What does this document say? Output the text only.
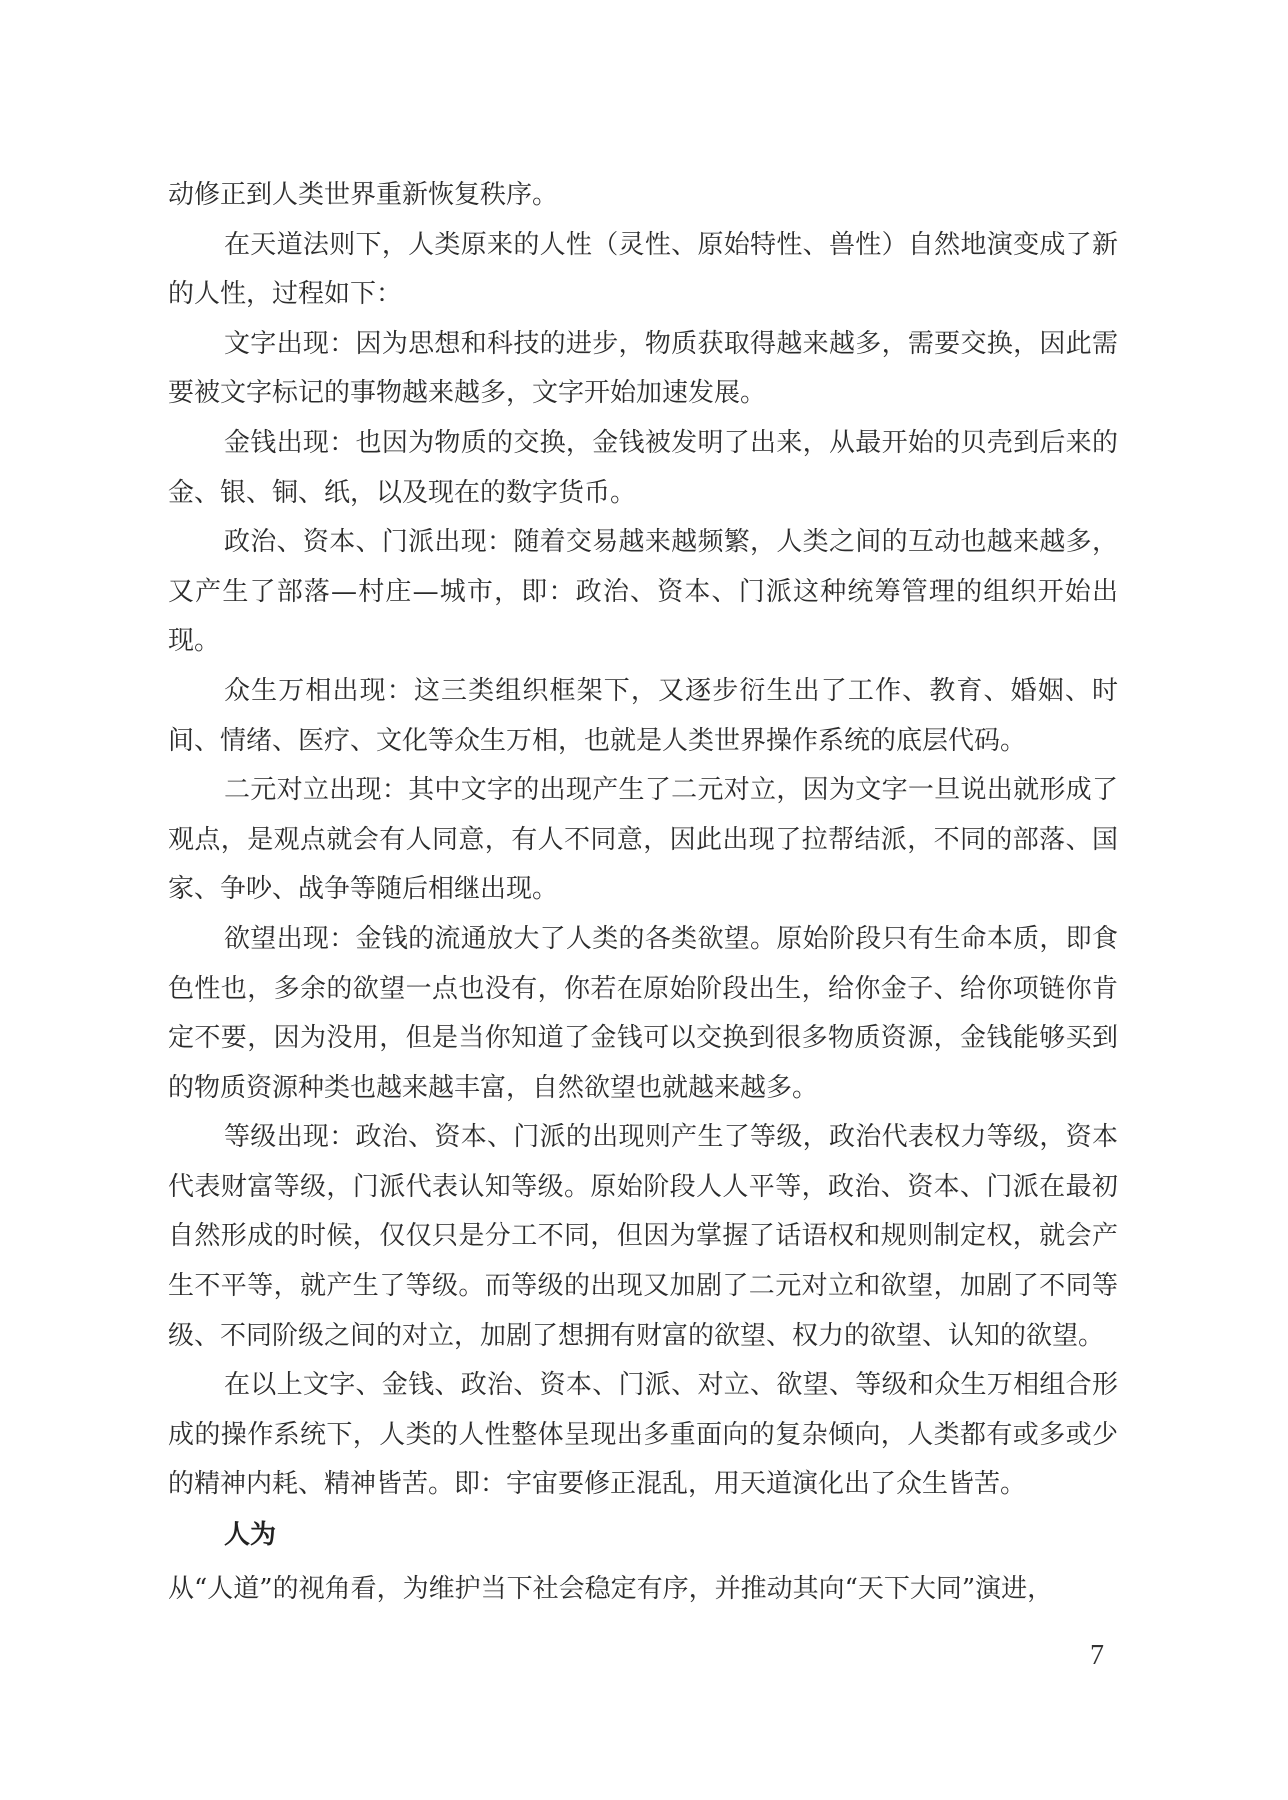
动修正到人类世界重新恢复秩序。

在天道法则下，人类原来的人性（灵性、原始特性、兽性）自然地演变成了新的人性，过程如下：

文字出现：因为思想和科技的进步，物质获取得越来越多，需要交换，因此需要被文字标记的事物越来越多，文字开始加速发展。

金钱出现：也因为物质的交换，金钱被发明了出来，从最开始的贝壳到后来的金、银、铜、纸，以及现在的数字货币。

政治、资本、门派出现：随着交易越来越频繁，人类之间的互动也越来越多，又产生了部落—村庄—城市，即：政治、资本、门派这种统筹管理的组织开始出现。

众生万相出现：这三类组织框架下，又逐步衍生出了工作、教育、婚姻、时间、情绪、医疗、文化等众生万相，也就是人类世界操作系统的底层代码。

二元对立出现：其中文字的出现产生了二元对立，因为文字一旦说出就形成了观点，是观点就会有人同意，有人不同意，因此出现了拉帮结派，不同的部落、国家、争吵、战争等随后相继出现。

欲望出现：金钱的流通放大了人类的各类欲望。原始阶段只有生命本质，即食色性也，多余的欲望一点也没有，你若在原始阶段出生，给你金子、给你项链你肯定不要，因为没用，但是当你知道了金钱可以交换到很多物质资源，金钱能够买到的物质资源种类也越来越丰富，自然欲望也就越来越多。

等级出现：政治、资本、门派的出现则产生了等级，政治代表权力等级，资本代表财富等级，门派代表认知等级。原始阶段人人平等，政治、资本、门派在最初自然形成的时候，仅仅只是分工不同，但因为掌握了话语权和规则制定权，就会产生不平等，就产生了等级。而等级的出现又加剧了二元对立和欲望，加剧了不同等级、不同阶级之间的对立，加剧了想拥有财富的欲望、权力的欲望、认知的欲望。

在以上文字、金钱、政治、资本、门派、对立、欲望、等级和众生万相组合形成的操作系统下，人类的人性整体呈现出多重面向的复杂倾向，人类都有或多或少的精神内耗、精神皆苦。即：宇宙要修正混乱，用天道演化出了众生皆苦。

人为

从“人道”的视角看，为维护当下社会稳定有序，并推动其向“天下大同”演进，

7
